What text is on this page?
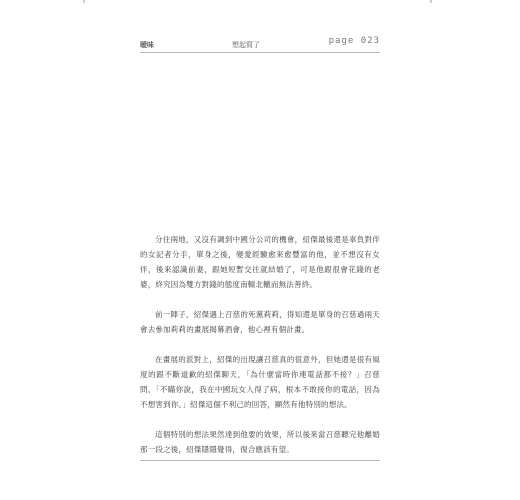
暧味	想起寫了	page 023

分住兩地，又沒有調到中國分公司的機會，紹傑最後還是辜負對伴的女記者分手，單身之後，變愛經驗愈來愈豐富的他，並不想沒有女伴，後來認識前妻，跟她短暫交往就結婚了，可是他跟很會花錢的老婆，終究因為雙方對錢的態度南轅北轍而無法善終。

前一陣子，紹傑遇上召慈的死黨莉莉，得知還是單身的召慈過兩天會去參加莉莉的畫展揭幕酒會，他心裡有個計畫。

在畫展的派對上，紹傑的出現讓召慈真的很意外，但她還是很有風度的跟不斷道歉的紹傑聊天，「為什麼當時你連電話都不接？」召慈問，「不瞞你說，我在中國玩女人得了病，根本不敢接你的電話，因為不想害到你。」紹傑這個不利己的回答，顯然有他特別的想法。

這個特別的想法果然達到他要的效果，所以後來當召慈聽完他離婚那一段之後，紹傑隱隱覺得，復合應該有望。
